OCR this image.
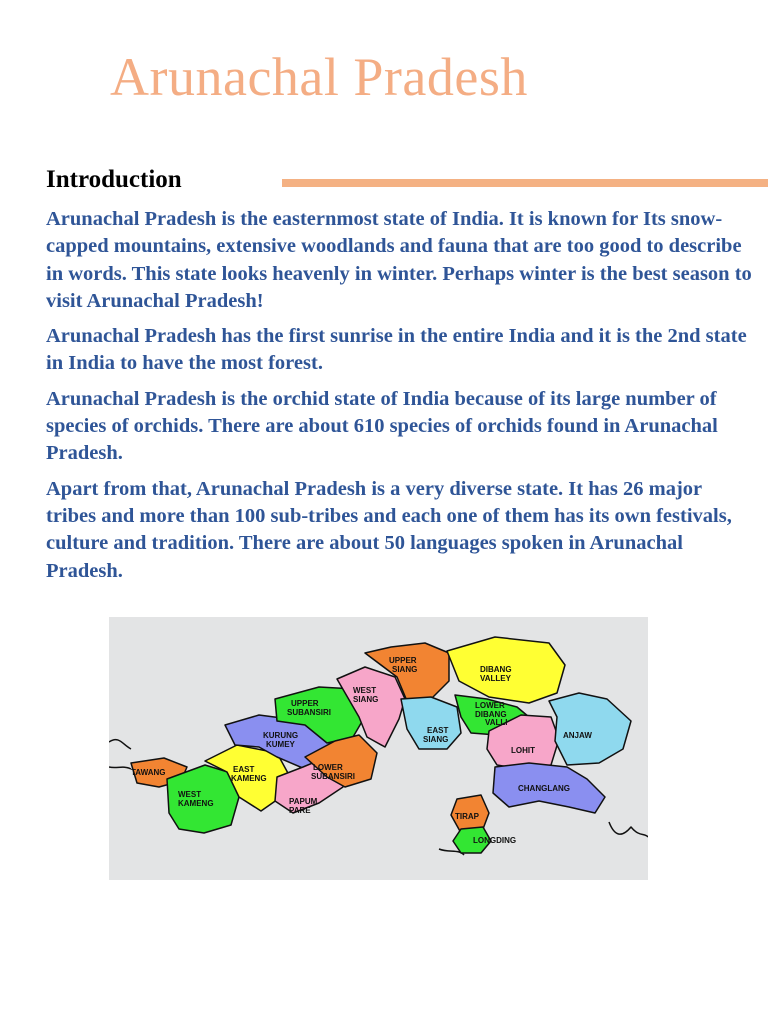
Arunachal Pradesh
Introduction

Arunachal Pradesh is the easternmost state of India. It is known for Its snow-capped mountains, extensive woodlands and fauna that are too good to describe in words. This state looks heavenly in winter. Perhaps winter is the best season to visit Arunachal Pradesh!

Arunachal Pradesh has the first sunrise in the entire India and it is the 2nd state in India to have the most forest.

Arunachal Pradesh is the orchid state of India because of its large number of species of orchids. There are about 610 species of orchids found in Arunachal Pradesh.

Apart from that, Arunachal Pradesh is a very diverse state. It has 26 major tribes and more than 100 sub-tribes and each one of them has its own festivals, culture and tradition. There are about 50 languages spoken in Arunachal Pradesh.

UPPER SIANG	DIBANG VALLEY
WEST SIANG
UPPER SUBANSIRI
LOWER DIBANG VALLI
ANJAW
KURUNG KUMEY
EAST SIANG
LOHIT
TAWANG	EAST KAMENG
LOWER SUBANSIRI
CHANGLANG
WEST KAMENG	PAPUM PARE
TIRAP
LONGDING
